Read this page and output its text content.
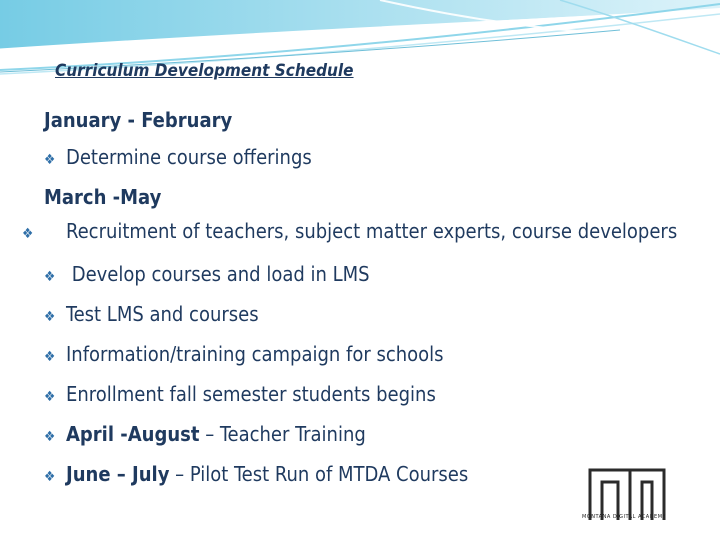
Curriculum Development Schedule
January - February
❖ Determine course offerings
March -May
❖ Recruitment of teachers, subject matter experts, course developers
❖ Develop courses and load in LMS
❖ Test LMS and courses
❖ Information/training campaign for schools
❖ Enrollment fall semester students begins
❖ April -August – Teacher Training
❖ June – July – Pilot Test Run of MTDA Courses
MONTANA DIGITAL ACADEMY
